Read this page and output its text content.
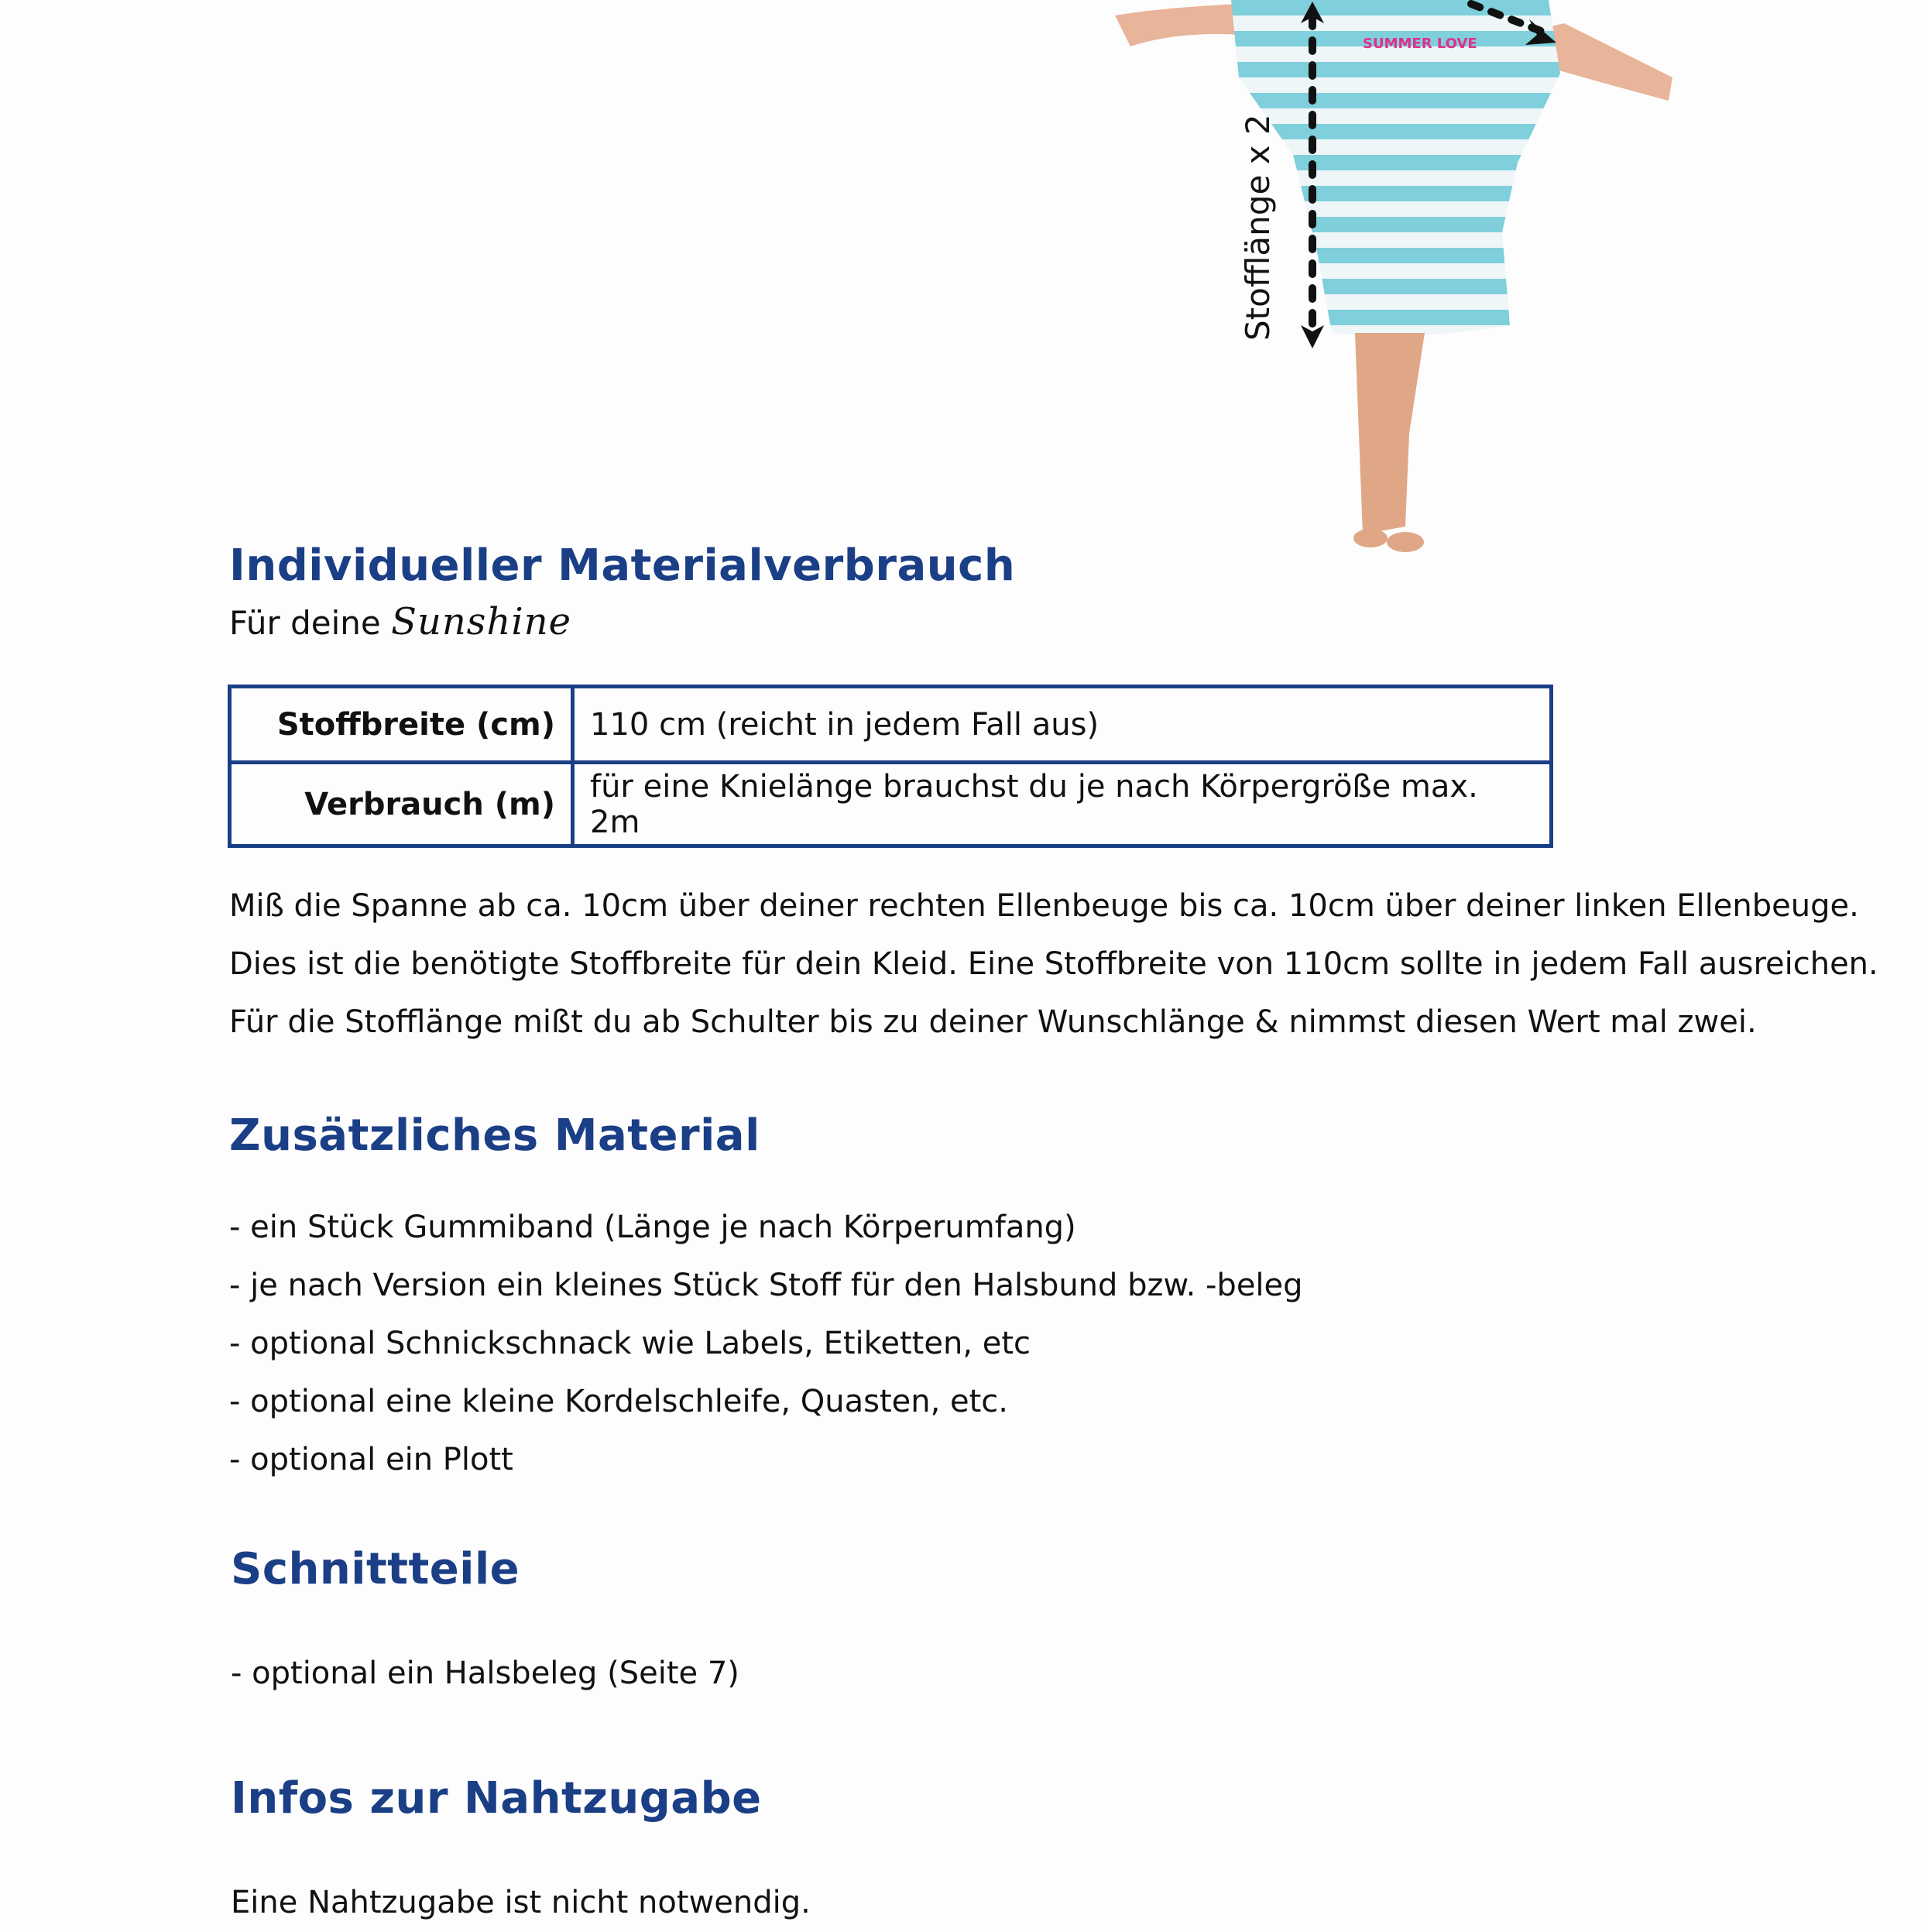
SUMMER LOVE
Stofflänge x 2
Individueller Materialverbrauch
Für deine Sunshine
Stoffbreite (cm)	110 cm (reicht in jedem Fall aus)
Verbrauch (m)	für eine Knielänge brauchst du je nach Körpergröße max. 2m
Miß die Spanne ab ca. 10cm über deiner rechten Ellenbeuge bis ca. 10cm über deiner linken Ellenbeuge.
Dies ist die benötigte Stoffbreite für dein Kleid. Eine Stoffbreite von 110cm sollte in jedem Fall ausreichen.
Für die Stofflänge mißt du ab Schulter bis zu deiner Wunschlänge & nimmst diesen Wert mal zwei.
Zusätzliches Material
- ein Stück Gummiband (Länge je nach Körperumfang)
- je nach Version ein kleines Stück Stoff für den Halsbund bzw. -beleg
- optional Schnickschnack wie Labels, Etiketten, etc
- optional eine kleine Kordelschleife, Quasten, etc.
- optional ein Plott
Schnittteile
- optional ein Halsbeleg (Seite 7)
Infos zur Nahtzugabe
Eine Nahtzugabe ist nicht notwendig.
